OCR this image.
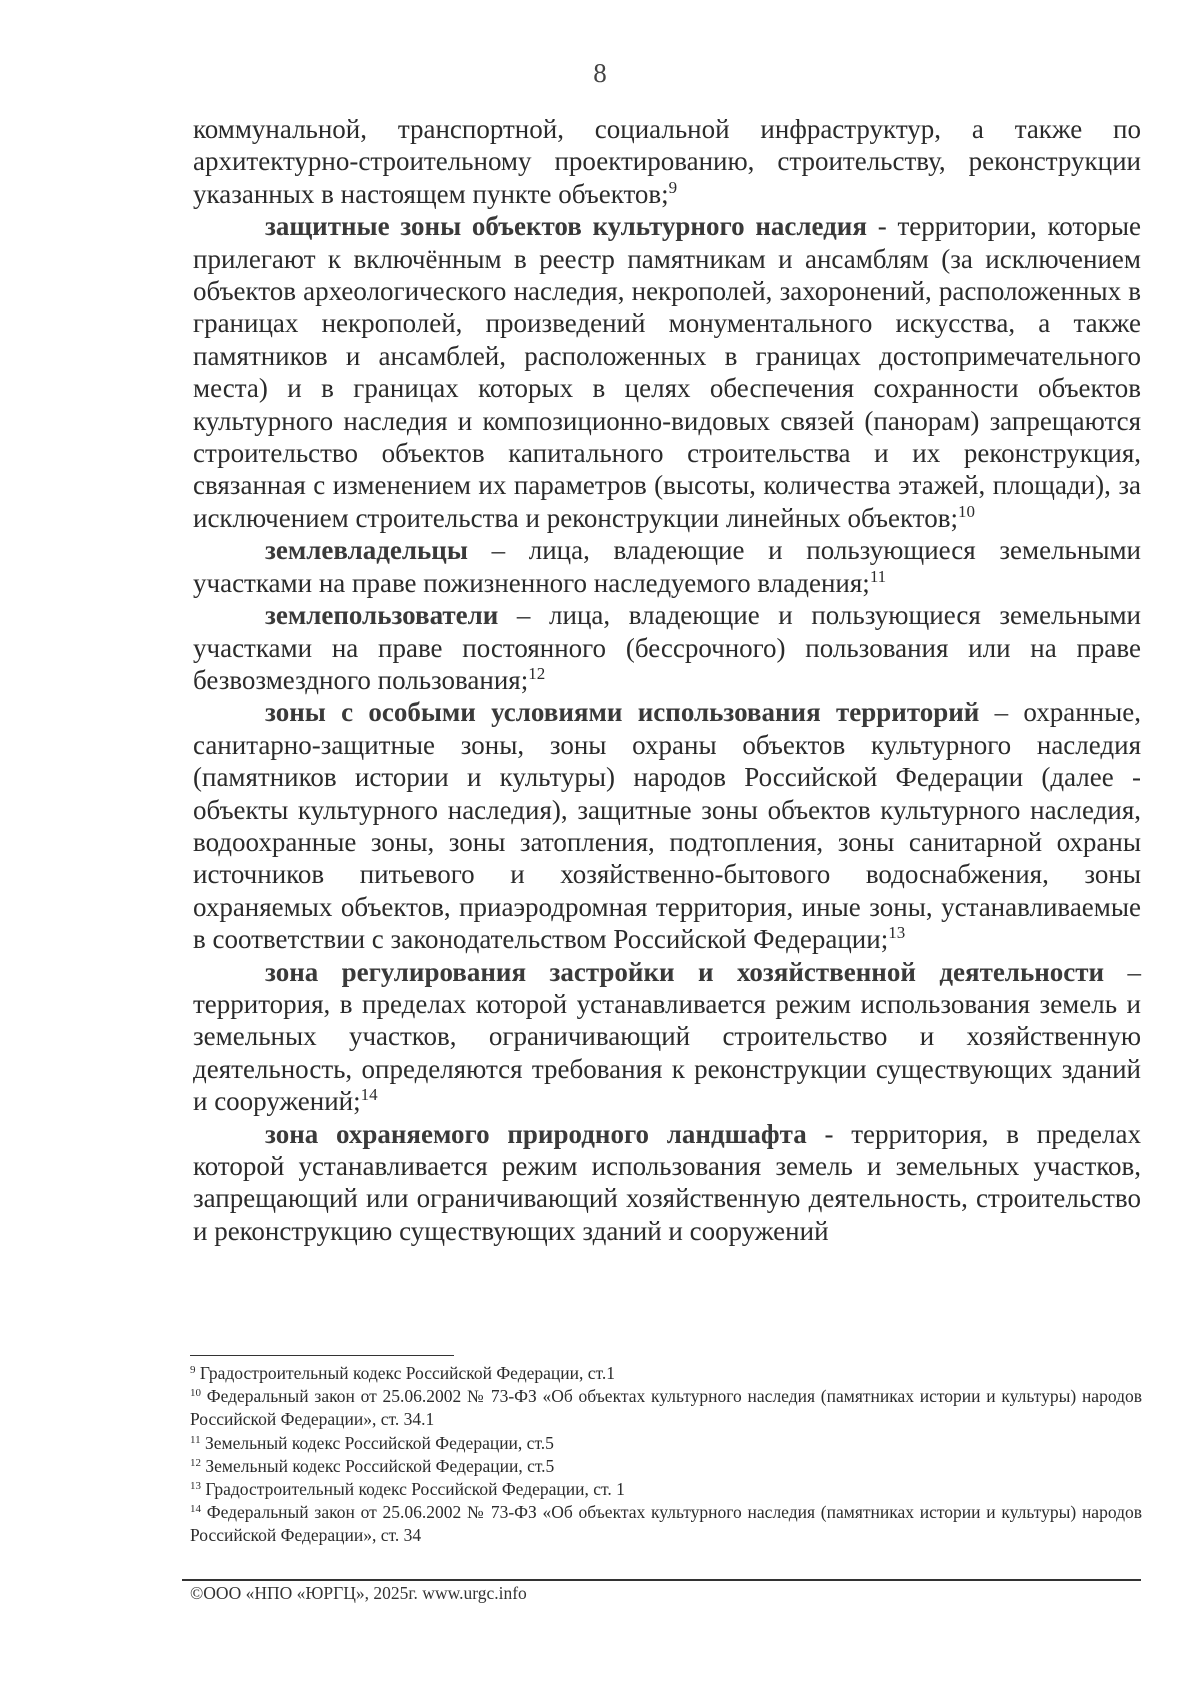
8

коммунальной, транспортной, социальной инфраструктур, а также по архитектурно-строительному проектированию, строительству, реконструкции указанных в настоящем пункте объектов;$^9$

защитные зоны объектов культурного наследия - территории, которые прилегают к включённым в реестр памятникам и ансамблям (за исключением объектов археологического наследия, некрополей, захоронений, расположенных в границах некрополей, произведений монументального искусства, а также памятников и ансамблей, расположенных в границах достопримечательного места) и в границах которых в целях обеспечения сохранности объектов культурного наследия и композиционно-видовых связей (панорам) запрещаются строительство объектов капитального строительства и их реконструкция, связанная с изменением их параметров (высоты, количества этажей, площади), за исключением строительства и реконструкции линейных объектов;$^{10}$

землевладельцы – лица, владеющие и пользующиеся земельными участками на праве пожизненного наследуемого владения;$^{11}$

землепользователи – лица, владеющие и пользующиеся земельными участками на праве постоянного (бессрочного) пользования или на праве безвозмездного пользования;$^{12}$

зоны с особыми условиями использования территорий – охранные, санитарно-защитные зоны, зоны охраны объектов культурного наследия (памятников истории и культуры) народов Российской Федерации (далее - объекты культурного наследия), защитные зоны объектов культурного наследия, водоохранные зоны, зоны затопления, подтопления, зоны санитарной охраны источников питьевого и хозяйственно-бытового водоснабжения, зоны охраняемых объектов, приаэродромная территория, иные зоны, устанавливаемые в соответствии с законодательством Российской Федерации;$^{13}$

зона регулирования застройки и хозяйственной деятельности – территория, в пределах которой устанавливается режим использования земель и земельных участков, ограничивающий строительство и хозяйственную деятельность, определяются требования к реконструкции существующих зданий и сооружений;$^{14}$

зона охраняемого природного ландшафта - территория, в пределах которой устанавливается режим использования земель и земельных участков, запрещающий или ограничивающий хозяйственную деятельность, строительство и реконструкцию существующих зданий и сооружений

$^9$ Градостроительный кодекс Российской Федерации, ст.1

$^{10}$ Федеральный закон от 25.06.2002 № 73-ФЗ «Об объектах культурного наследия (памятниках истории и культуры) народов Российской Федерации», ст. 34.1

$^{11}$ Земельный кодекс Российской Федерации, ст.5

$^{12}$ Земельный кодекс Российской Федерации, ст.5

$^{13}$ Градостроительный кодекс Российской Федерации, ст. 1

$^{14}$ Федеральный закон от 25.06.2002 № 73-ФЗ «Об объектах культурного наследия (памятниках истории и культуры) народов Российской Федерации», ст. 34

©ООО «НПО «ЮРГЦ», 2025г. www.urgc.info
